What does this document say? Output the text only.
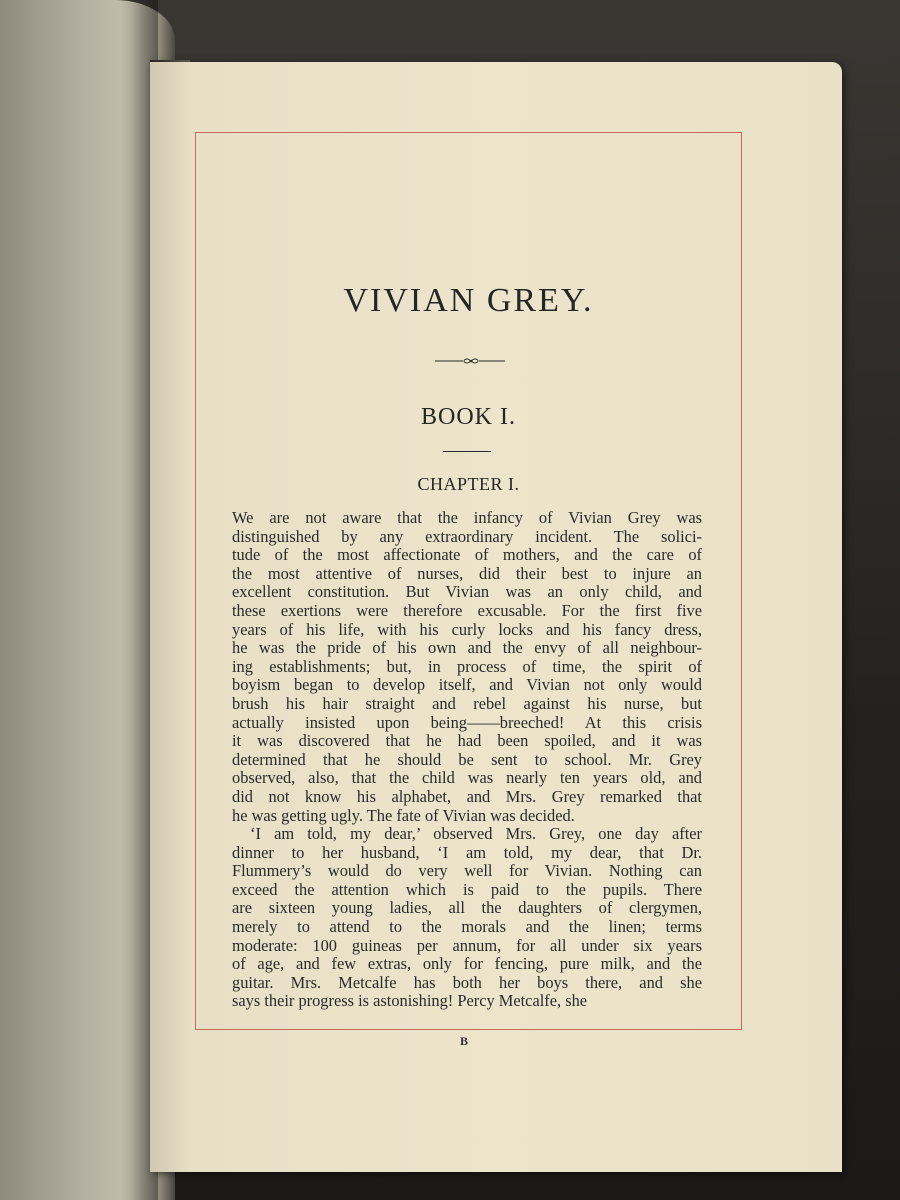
VIVIAN GREY.
BOOK I.
CHAPTER I.
We are not aware that the infancy of Vivian Grey was
distinguished by any extraordinary incident. The solici-
tude of the most affectionate of mothers, and the care of
the most attentive of nurses, did their best to injure an
excellent constitution. But Vivian was an only child, and
these exertions were therefore excusable. For the first five
years of his life, with his curly locks and his fancy dress,
he was the pride of his own and the envy of all neighbour-
ing establishments; but, in process of time, the spirit of
boyism began to develop itself, and Vivian not only would
brush his hair straight and rebel against his nurse, but
actually insisted upon being——breeched! At this crisis
it was discovered that he had been spoiled, and it was
determined that he should be sent to school. Mr. Grey
observed, also, that the child was nearly ten years old, and
did not know his alphabet, and Mrs. Grey remarked that
he was getting ugly. The fate of Vivian was decided.
‘I am told, my dear,’ observed Mrs. Grey, one day after
dinner to her husband, ‘I am told, my dear, that Dr.
Flummery’s would do very well for Vivian. Nothing can
exceed the attention which is paid to the pupils. There
are sixteen young ladies, all the daughters of clergymen,
merely to attend to the morals and the linen; terms
moderate: 100 guineas per annum, for all under six years
of age, and few extras, only for fencing, pure milk, and the
guitar. Mrs. Metcalfe has both her boys there, and she
says their progress is astonishing! Percy Metcalfe, she
B
